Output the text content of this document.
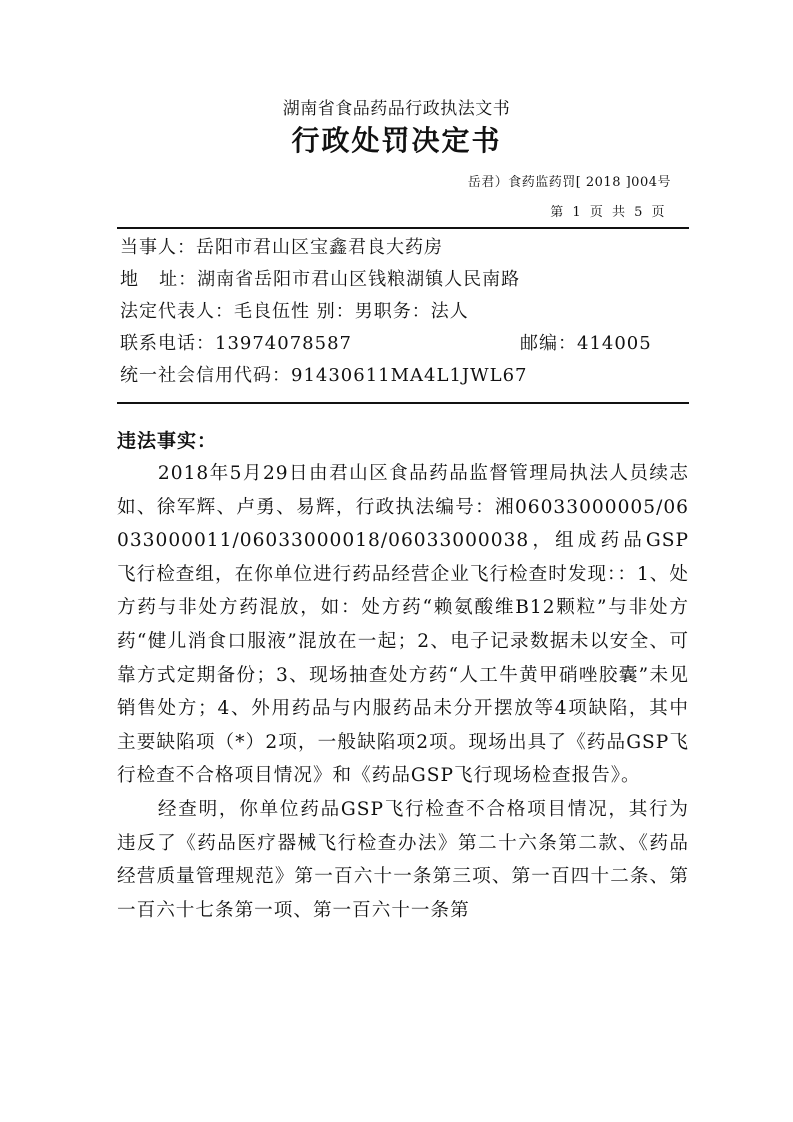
湖南省食品药品行政执法文书
行政处罚决定书
岳君）食药监药罚[ 2018 ]004号
第 1 页 共 5 页
当事人：岳阳市君山区宝鑫君良大药房
地   址：湖南省岳阳市君山区钱粮湖镇人民南路
法定代表人：毛良伍性 别：男职务：法人
联系电话：13974078587	邮编：414005
统一社会信用代码：91430611MA4L1JWL67
违法事实：

2018年5月29日由君山区食品药品监督管理局执法人员续志如、徐军辉、卢勇、易辉，行政执法编号：湘06033000005/06033000011/06033000018/06033000038，组成药品GSP飞行检查组，在你单位进行药品经营企业飞行检查时发现：：1、处方药与非处方药混放，如：处方药“赖氨酸维B12颗粒”与非处方药“健儿消食口服液”混放在一起；2、电子记录数据未以安全、可靠方式定期备份；3、现场抽查处方药“人工牛黄甲硝唑胶囊”未见销售处方；4、外用药品与内服药品未分开摆放等4项缺陷，其中主要缺陷项（*）2项，一般缺陷项2项。现场出具了《药品GSP飞行检查不合格项目情况》和《药品GSP飞行现场检查报告》。

经查明，你单位药品GSP飞行检查不合格项目情况，其行为违反了《药品医疗器械飞行检查办法》第二十六条第二款、《药品经营质量管理规范》第一百六十一条第三项、第一百四十二条、第一百六十七条第一项、第一百六十一条第
